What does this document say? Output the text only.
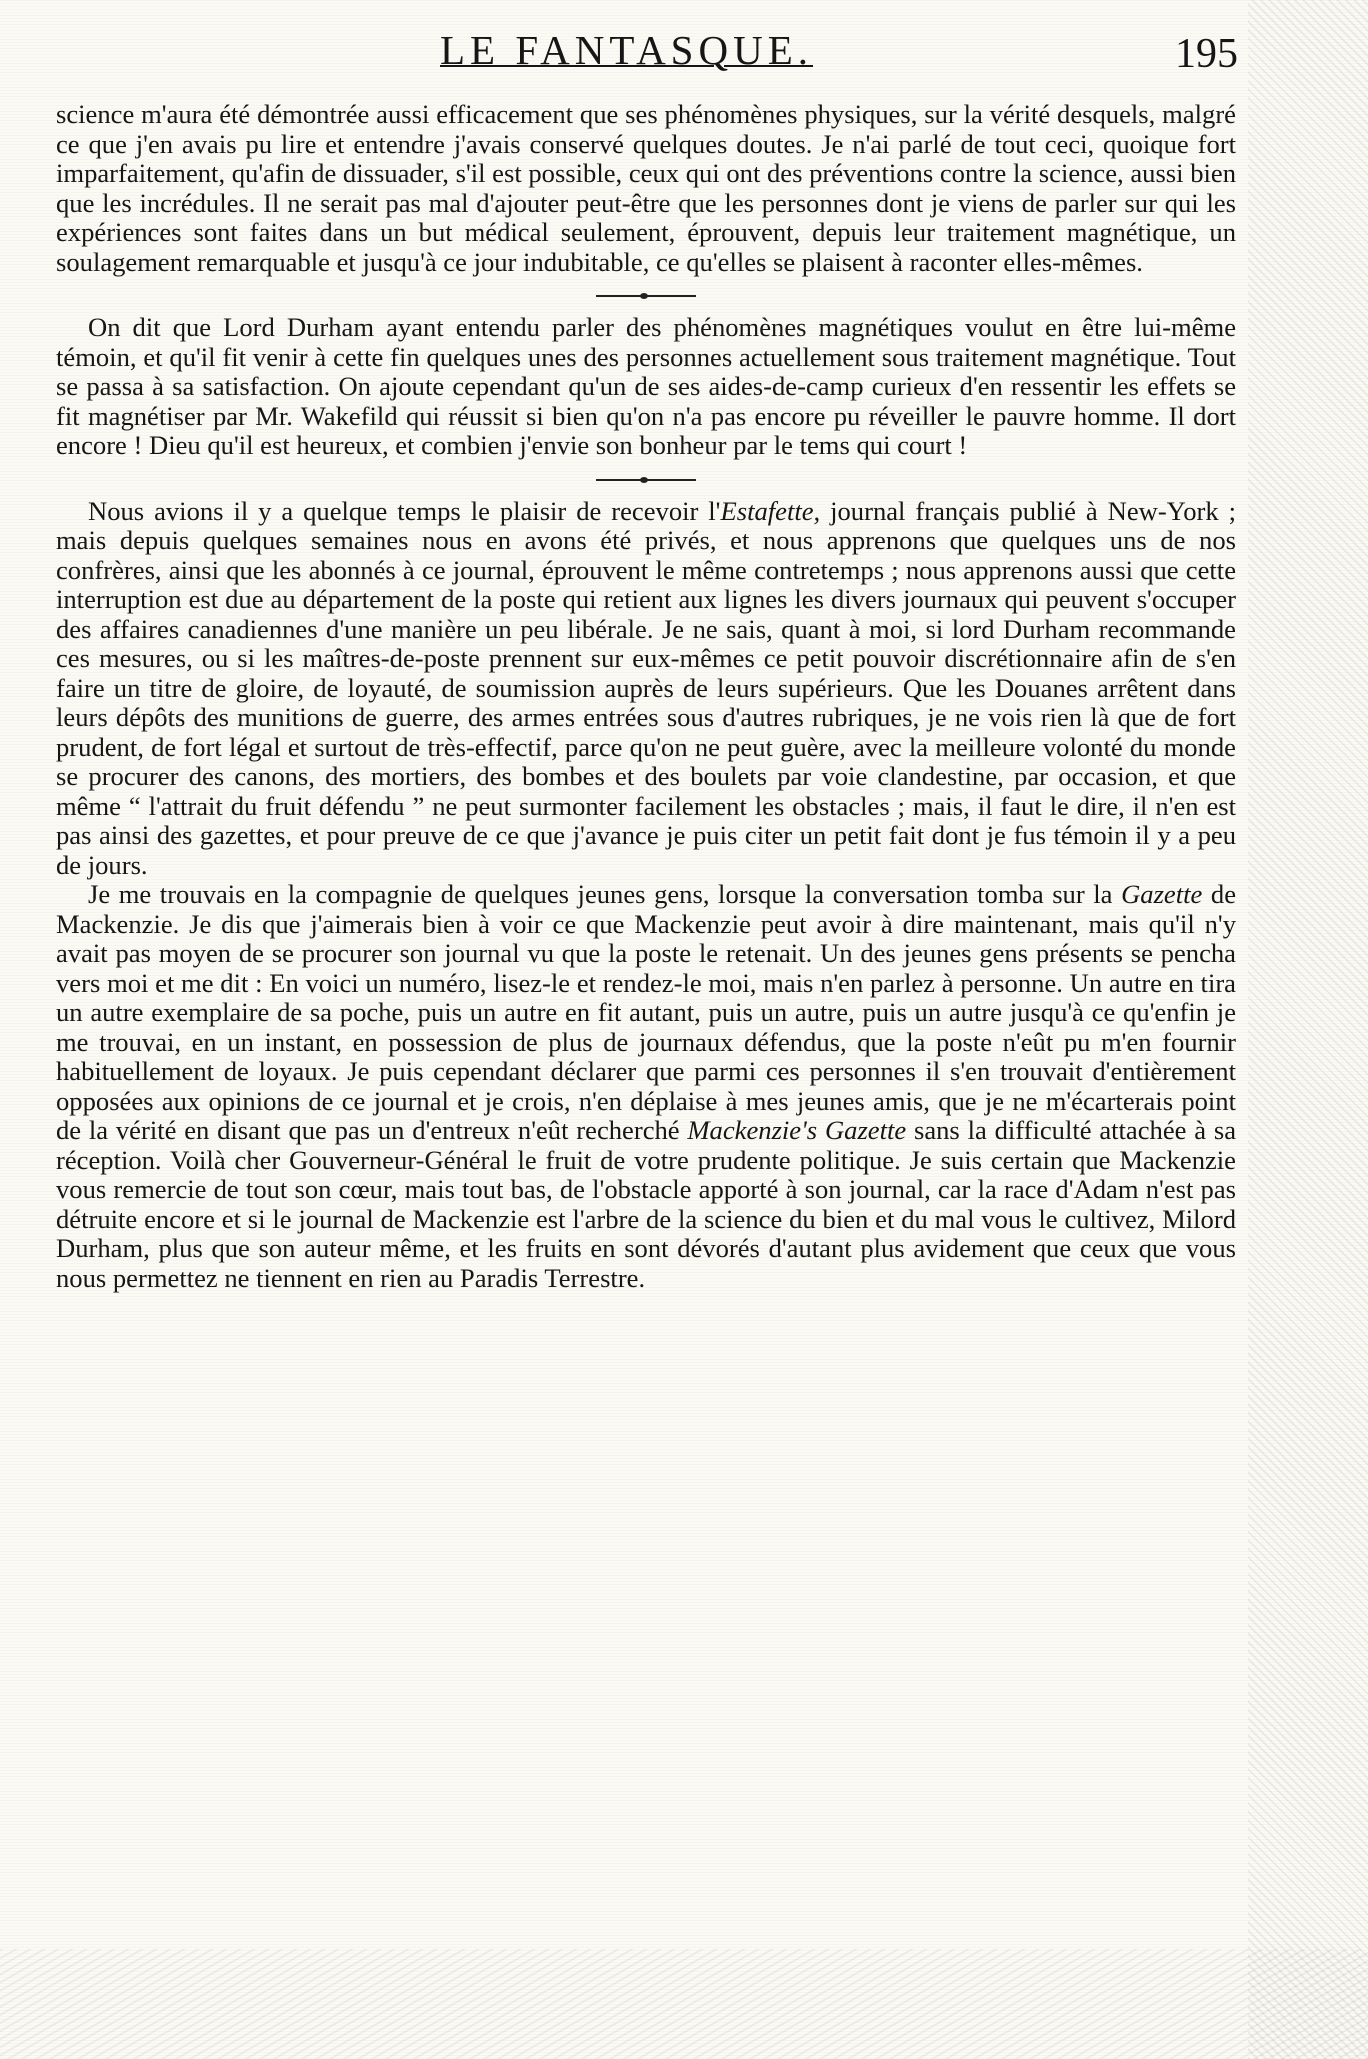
LE FANTASQUE.	195

science m'aura été démontrée aussi efficacement que ses phénomènes physiques, sur la vérité desquels, malgré ce que j'en avais pu lire et entendre j'avais conservé quelques doutes. Je n'ai parlé de tout ceci, quoique fort imparfaitement, qu'afin de dissuader, s'il est possible, ceux qui ont des préventions contre la science, aussi bien que les incrédules. Il ne serait pas mal d'ajouter peut-être que les personnes dont je viens de parler sur qui les expériences sont faites dans un but médical seulement, éprouvent, depuis leur traitement magnétique, un soulagement remarquable et jusqu'à ce jour indubitable, ce qu'elles se plaisent à raconter elles-mêmes.

On dit que Lord Durham ayant entendu parler des phénomènes magnétiques voulut en être lui-même témoin, et qu'il fit venir à cette fin quelques unes des personnes actuellement sous traitement magnétique. Tout se passa à sa satisfaction. On ajoute cependant qu'un de ses aides-de-camp curieux d'en ressentir les effets se fit magnétiser par Mr. Wakefild qui réussit si bien qu'on n'a pas encore pu réveiller le pauvre homme. Il dort encore ! Dieu qu'il est heureux, et combien j'envie son bonheur par le tems qui court !

Nous avions il y a quelque temps le plaisir de recevoir l'Estafette, journal français publié à New-York ; mais depuis quelques semaines nous en avons été privés, et nous apprenons que quelques uns de nos confrères, ainsi que les abonnés à ce journal, éprouvent le même contretemps ; nous apprenons aussi que cette interruption est due au département de la poste qui retient aux lignes les divers journaux qui peuvent s'occuper des affaires canadiennes d'une manière un peu libérale. Je ne sais, quant à moi, si lord Durham recommande ces mesures, ou si les maîtres-de-poste prennent sur eux-mêmes ce petit pouvoir discrétionnaire afin de s'en faire un titre de gloire, de loyauté, de soumission auprès de leurs supérieurs. Que les Douanes arrêtent dans leurs dépôts des munitions de guerre, des armes entrées sous d'autres rubriques, je ne vois rien là que de fort prudent, de fort légal et surtout de très-effectif, parce qu'on ne peut guère, avec la meilleure volonté du monde se procurer des canons, des mortiers, des bombes et des boulets par voie clandestine, par occasion, et que même “ l'attrait du fruit défendu ” ne peut surmonter facilement les obstacles ; mais, il faut le dire, il n'en est pas ainsi des gazettes, et pour preuve de ce que j'avance je puis citer un petit fait dont je fus témoin il y a peu de jours.

Je me trouvais en la compagnie de quelques jeunes gens, lorsque la conversation tomba sur la Gazette de Mackenzie. Je dis que j'aimerais bien à voir ce que Mackenzie peut avoir à dire maintenant, mais qu'il n'y avait pas moyen de se procurer son journal vu que la poste le retenait. Un des jeunes gens présents se pencha vers moi et me dit : En voici un numéro, lisez-le et rendez-le moi, mais n'en parlez à personne. Un autre en tira un autre exemplaire de sa poche, puis un autre en fit autant, puis un autre, puis un autre jusqu'à ce qu'enfin je me trouvai, en un instant, en possession de plus de journaux défendus, que la poste n'eût pu m'en fournir habituellement de loyaux. Je puis cependant déclarer que parmi ces personnes il s'en trouvait d'entièrement opposées aux opinions de ce journal et je crois, n'en déplaise à mes jeunes amis, que je ne m'écarterais point de la vérité en disant que pas un d'entreux n'eût recherché Mackenzie's Gazette sans la difficulté attachée à sa réception. Voilà cher Gouverneur-Général le fruit de votre prudente politique. Je suis certain que Mackenzie vous remercie de tout son cœur, mais tout bas, de l'obstacle apporté à son journal, car la race d'Adam n'est pas détruite encore et si le journal de Mackenzie est l'arbre de la science du bien et du mal vous le cultivez, Milord Durham, plus que son auteur même, et les fruits en sont dévorés d'autant plus avidement que ceux que vous nous permettez ne tiennent en rien au Paradis Terrestre.
